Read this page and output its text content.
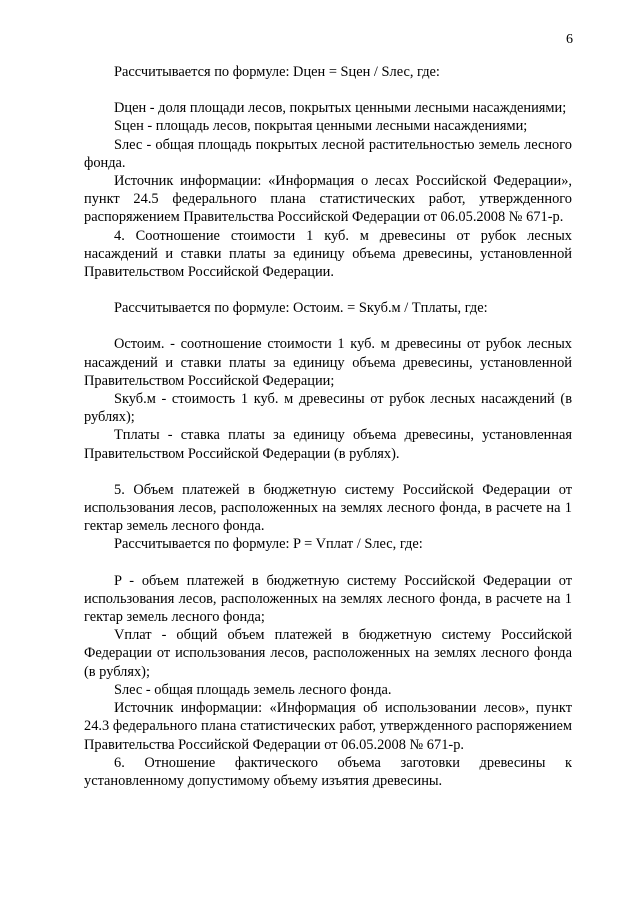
6

Рассчитывается по формуле: Dцен = Sцен / Sлес, где:

Dцен - доля площади лесов, покрытых ценными лесными насаждениями;

Sцен - площадь лесов, покрытая ценными лесными насаждениями;

Sлес - общая площадь покрытых лесной растительностью земель лесного фонда.

Источник информации: «Информация о лесах Российской Федерации», пункт 24.5 федерального плана статистических работ, утвержденного распоряжением Правительства Российской Федерации от 06.05.2008 № 671-р.

4. Соотношение стоимости 1 куб. м древесины от рубок лесных насаждений и ставки платы за единицу объема древесины, установленной Правительством Российской Федерации.

Рассчитывается по формуле: Oстоим. = Sкуб.м / Tплаты, где:

Oстоим. - соотношение стоимости 1 куб. м древесины от рубок лесных насаждений и ставки платы за единицу объема древесины, установленной Правительством Российской Федерации;

Sкуб.м - стоимость 1 куб. м древесины от рубок лесных насаждений (в рублях);

Tплаты - ставка платы за единицу объема древесины, установленная Правительством Российской Федерации (в рублях).

5. Объем платежей в бюджетную систему Российской Федерации от использования лесов, расположенных на землях лесного фонда, в расчете на 1 гектар земель лесного фонда.

Рассчитывается по формуле: P = Vплат / Sлес, где:

P - объем платежей в бюджетную систему Российской Федерации от использования лесов, расположенных на землях лесного фонда, в расчете на 1 гектар земель лесного фонда;

Vплат - общий объем платежей в бюджетную систему Российской Федерации от использования лесов, расположенных на землях лесного фонда (в рублях);

Sлес - общая площадь земель лесного фонда.

Источник информации: «Информация об использовании лесов», пункт 24.3 федерального плана статистических работ, утвержденного распоряжением Правительства Российской Федерации от 06.05.2008 № 671-р.

6. Отношение фактического объема заготовки древесины к установленному допустимому объему изъятия древесины.
